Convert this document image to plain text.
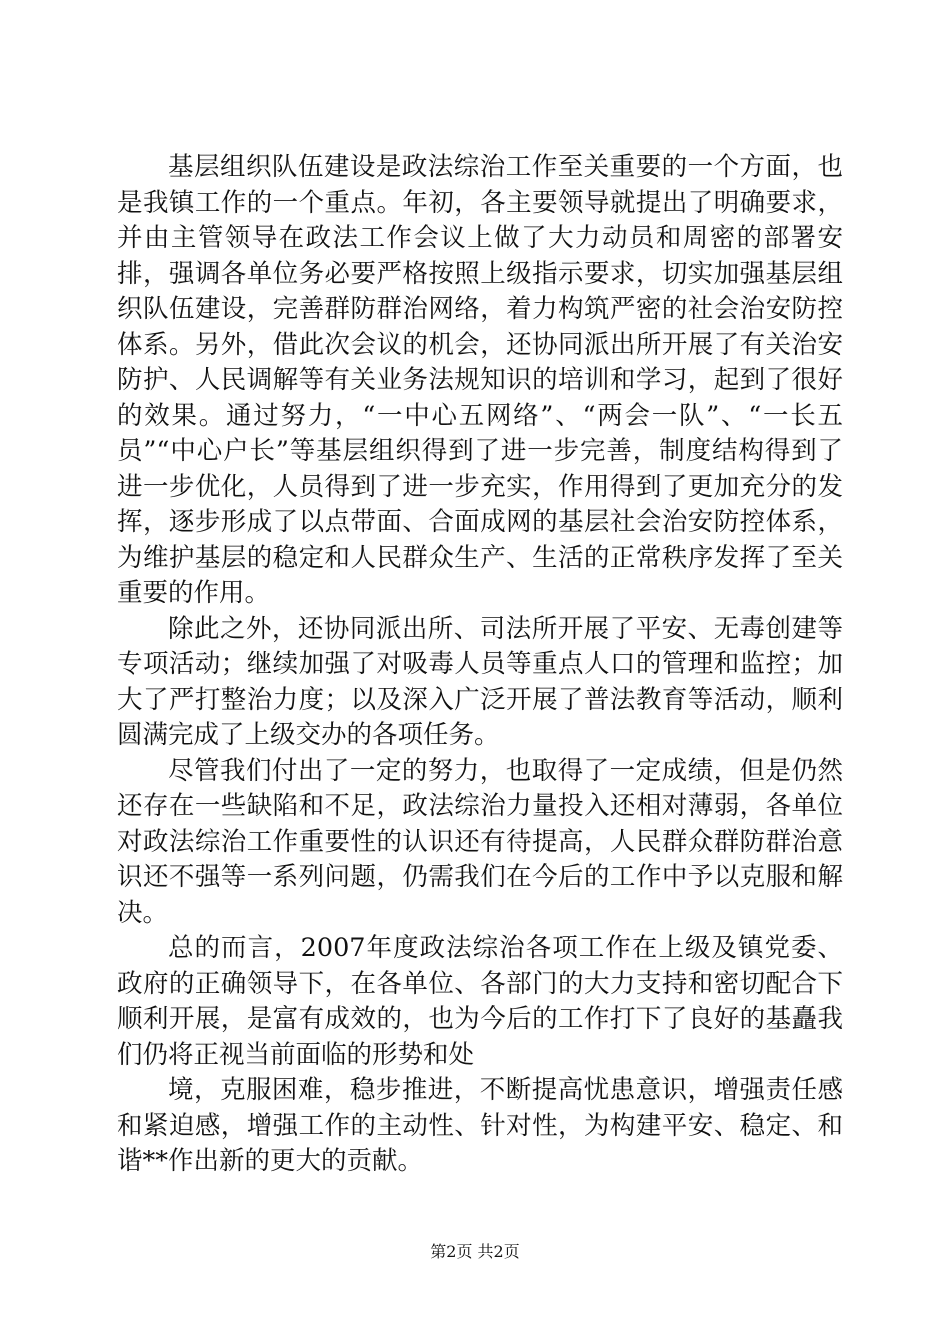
基层组织队伍建设是政法综治工作至关重要的一个方面，也是我镇工作的一个重点。年初，各主要领导就提出了明确要求，并由主管领导在政法工作会议上做了大力动员和周密的部署安排，强调各单位务必要严格按照上级指示要求，切实加强基层组织队伍建设，完善群防群治网络，着力构筑严密的社会治安防控体系。另外，借此次会议的机会，还协同派出所开展了有关治安防护、人民调解等有关业务法规知识的培训和学习，起到了很好的效果。通过努力，“一中心五网络”、“两会一队”、“一长五员”“中心户长”等基层组织得到了进一步完善，制度结构得到了进一步优化，人员得到了进一步充实，作用得到了更加充分的发挥，逐步形成了以点带面、合面成网的基层社会治安防控体系，为维护基层的稳定和人民群众生产、生活的正常秩序发挥了至关重要的作用。

除此之外，还协同派出所、司法所开展了平安、无毒创建等专项活动；继续加强了对吸毒人员等重点人口的管理和监控；加大了严打整治力度；以及深入广泛开展了普法教育等活动，顺利圆满完成了上级交办的各项任务。

尽管我们付出了一定的努力，也取得了一定成绩，但是仍然还存在一些缺陷和不足，政法综治力量投入还相对薄弱，各单位对政法综治工作重要性的认识还有待提高，人民群众群防群治意识还不强等一系列问题，仍需我们在今后的工作中予以克服和解决。

总的而言，2007年度政法综治各项工作在上级及镇党委、政府的正确领导下，在各单位、各部门的大力支持和密切配合下顺利开展，是富有成效的，也为今后的工作打下了良好的基矗我们仍将正视当前面临的形势和处

境，克服困难，稳步推进，不断提高忧患意识，增强责任感和紧迫感，增强工作的主动性、针对性，为构建平安、稳定、和谐**作出新的更大的贡献。

第2页 共2页
